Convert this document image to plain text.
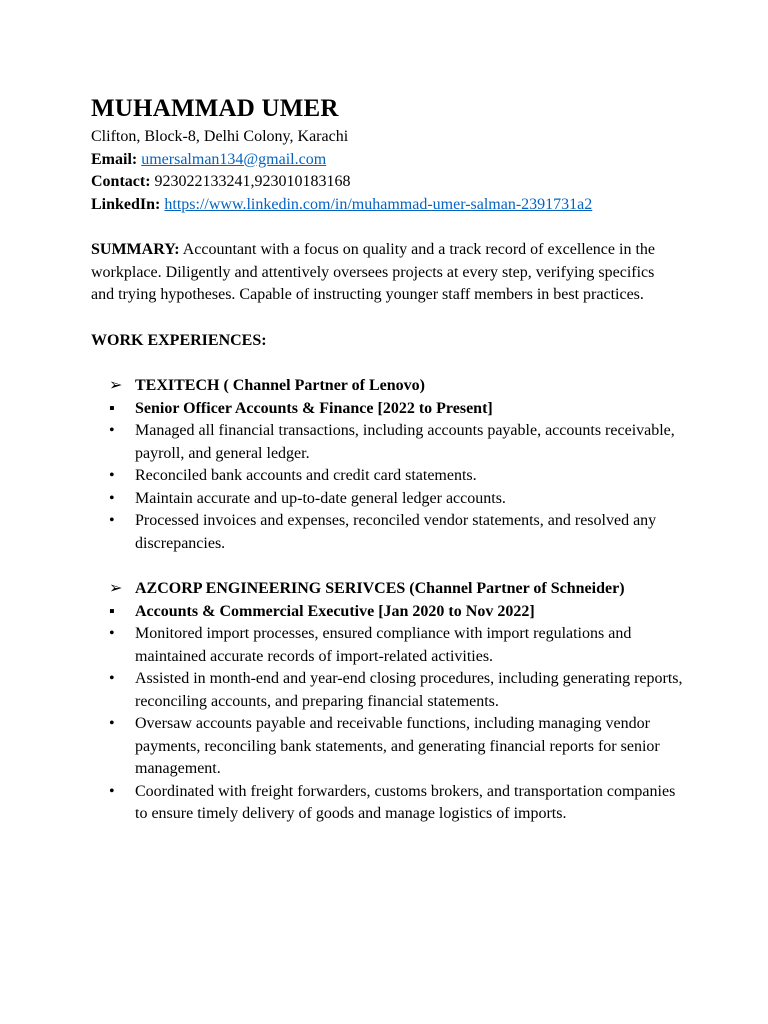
MUHAMMAD UMER

Clifton, Block-8, Delhi Colony, Karachi

Email: umersalman134@gmail.com

Contact: 923022133241,923010183168

LinkedIn: https://www.linkedin.com/in/muhammad-umer-salman-2391731a2

SUMMARY: Accountant with a focus on quality and a track record of excellence in the workplace. Diligently and attentively oversees projects at every step, verifying specifics and trying hypotheses. Capable of instructing younger staff members in best practices.
WORK EXPERIENCES:
➢ TEXITECH ( Channel Partner of Lenovo)
▪	Senior Officer Accounts & Finance [2022 to Present]
•	Managed all financial transactions, including accounts payable, accounts receivable, payroll, and general ledger.
•	Reconciled bank accounts and credit card statements.
•	Maintain accurate and up-to-date general ledger accounts.
•	Processed invoices and expenses, reconciled vendor statements, and resolved any discrepancies.
➢ AZCORP ENGINEERING SERIVCES (Channel Partner of Schneider)
▪	Accounts & Commercial Executive [Jan 2020 to Nov 2022]
•	Monitored import processes, ensured compliance with import regulations and maintained accurate records of import-related activities.
•	Assisted in month-end and year-end closing procedures, including generating reports, reconciling accounts, and preparing financial statements.
•	Oversaw accounts payable and receivable functions, including managing vendor payments, reconciling bank statements, and generating financial reports for senior management.
•	Coordinated with freight forwarders, customs brokers, and transportation companies to ensure timely delivery of goods and manage logistics of imports.
